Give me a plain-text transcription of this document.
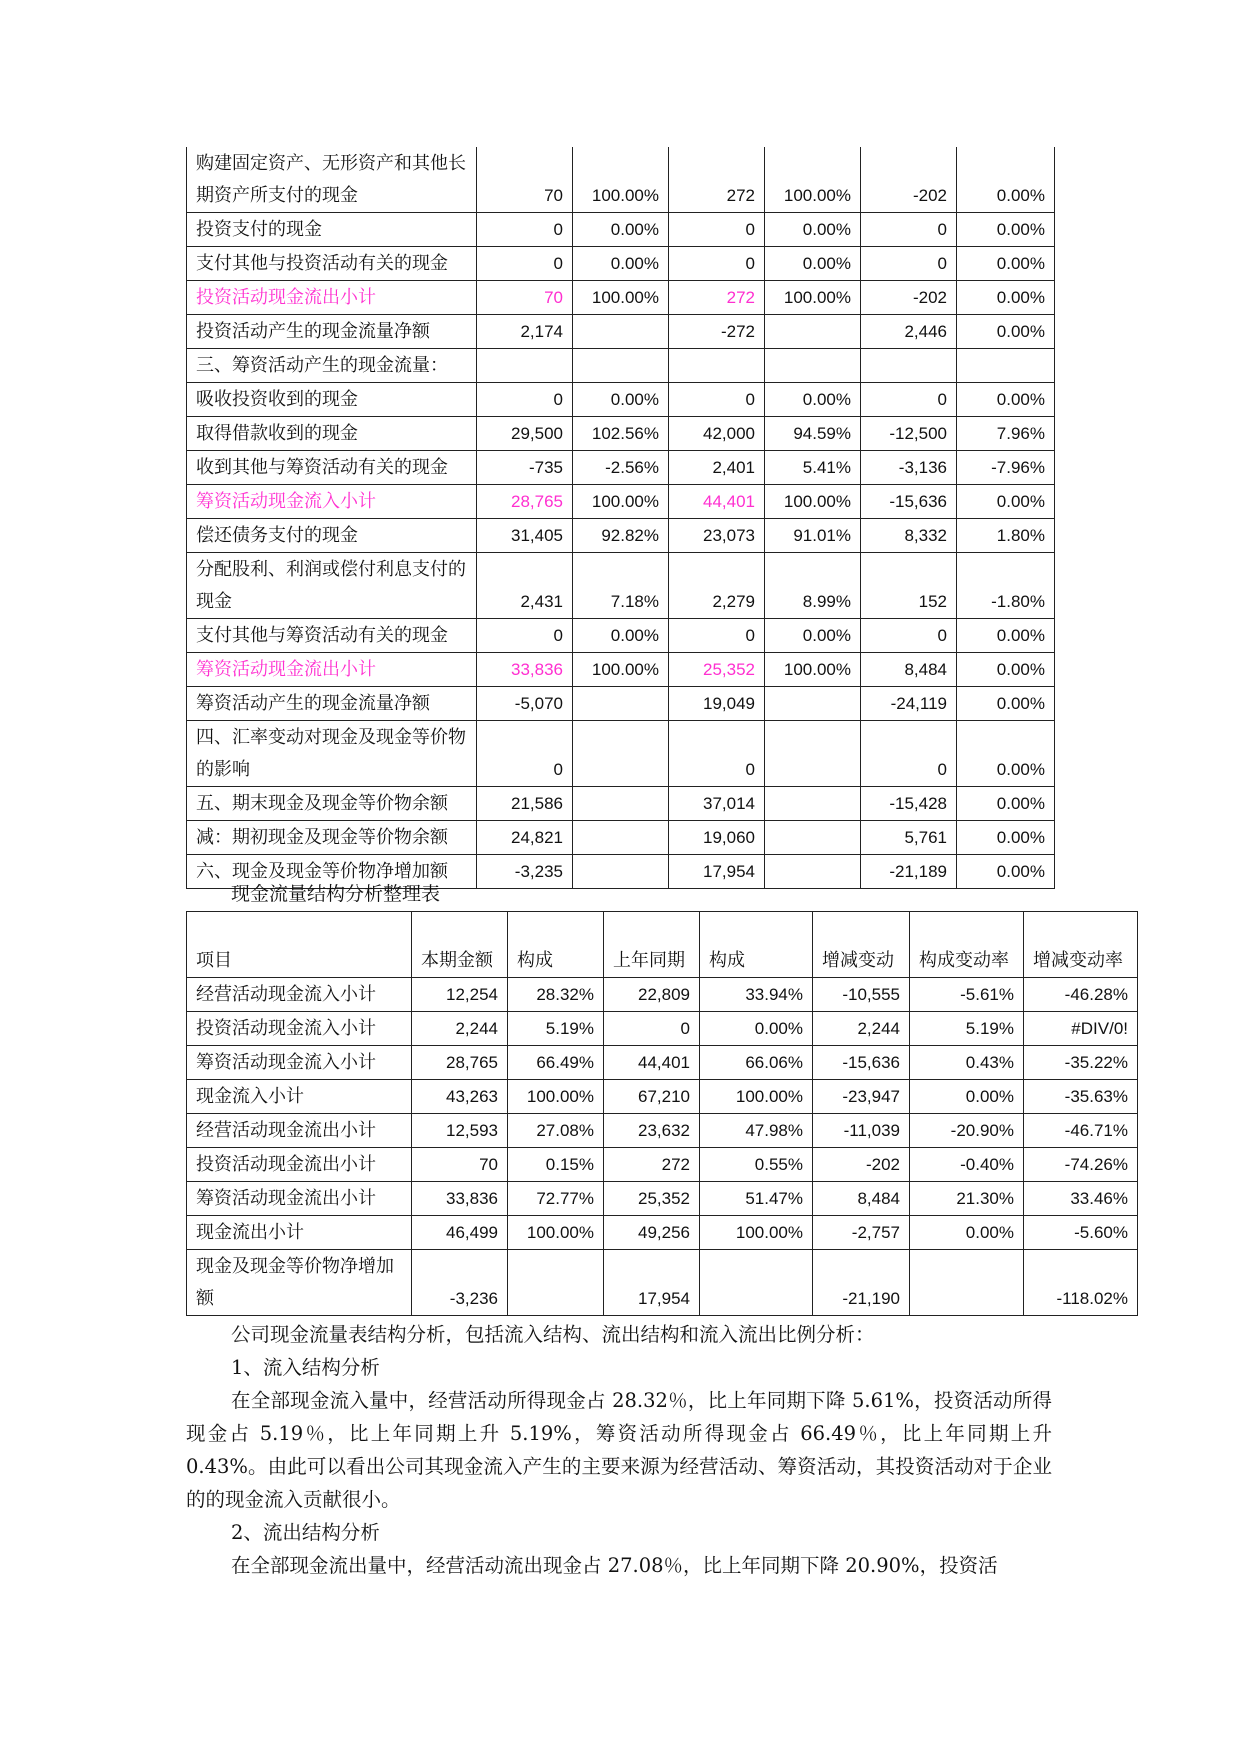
购建固定资产、无形资产和其他长期资产所支付的现金	70	100.00%	272	100.00%	-202	0.00%
投资支付的现金	0	0.00%	0	0.00%	0	0.00%
支付其他与投资活动有关的现金	0	0.00%	0	0.00%	0	0.00%
投资活动现金流出小计	70	100.00%	272	100.00%	-202	0.00%
投资活动产生的现金流量净额	2,174		-272		2,446	0.00%
三、筹资活动产生的现金流量：						
吸收投资收到的现金	0	0.00%	0	0.00%	0	0.00%
取得借款收到的现金	29,500	102.56%	42,000	94.59%	-12,500	7.96%
收到其他与筹资活动有关的现金	-735	-2.56%	2,401	5.41%	-3,136	-7.96%
筹资活动现金流入小计	28,765	100.00%	44,401	100.00%	-15,636	0.00%
偿还债务支付的现金	31,405	92.82%	23,073	91.01%	8,332	1.80%
分配股利、利润或偿付利息支付的现金	2,431	7.18%	2,279	8.99%	152	-1.80%
支付其他与筹资活动有关的现金	0	0.00%	0	0.00%	0	0.00%
筹资活动现金流出小计	33,836	100.00%	25,352	100.00%	8,484	0.00%
筹资活动产生的现金流量净额	-5,070		19,049		-24,119	0.00%
四、汇率变动对现金及现金等价物的影响	0		0		0	0.00%
五、期末现金及现金等价物余额	21,586		37,014		-15,428	0.00%
减：期初现金及现金等价物余额	24,821		19,060		5,761	0.00%
六、现金及现金等价物净增加额	-3,235		17,954		-21,189	0.00%
现金流量结构分析整理表
项目	本期金额	构成	上年同期	构成	增减变动	构成变动率	增减变动率
经营活动现金流入小计	12,254	28.32%	22,809	33.94%	-10,555	-5.61%	-46.28%
投资活动现金流入小计	2,244	5.19%	0	0.00%	2,244	5.19%	#DIV/0!
筹资活动现金流入小计	28,765	66.49%	44,401	66.06%	-15,636	0.43%	-35.22%
现金流入小计	43,263	100.00%	67,210	100.00%	-23,947	0.00%	-35.63%
经营活动现金流出小计	12,593	27.08%	23,632	47.98%	-11,039	-20.90%	-46.71%
投资活动现金流出小计	70	0.15%	272	0.55%	-202	-0.40%	-74.26%
筹资活动现金流出小计	33,836	72.77%	25,352	51.47%	8,484	21.30%	33.46%
现金流出小计	46,499	100.00%	49,256	100.00%	-2,757	0.00%	-5.60%
现金及现金等价物净增加额	-3,236		17,954		-21,190		-118.02%

公司现金流量表结构分析，包括流入结构、流出结构和流入流出比例分析：

1、流入结构分析

在全部现金流入量中，经营活动所得现金占 28.32％，比上年同期下降 5.61%，投资活动所得现金占 5.19％，比上年同期上升 5.19%，筹资活动所得现金占 66.49％，比上年同期上升 0.43%。由此可以看出公司其现金流入产生的主要来源为经营活动、筹资活动，其投资活动对于企业的的现金流入贡献很小。

2、流出结构分析

在全部现金流出量中，经营活动流出现金占 27.08％，比上年同期下降 20.90%，投资活
